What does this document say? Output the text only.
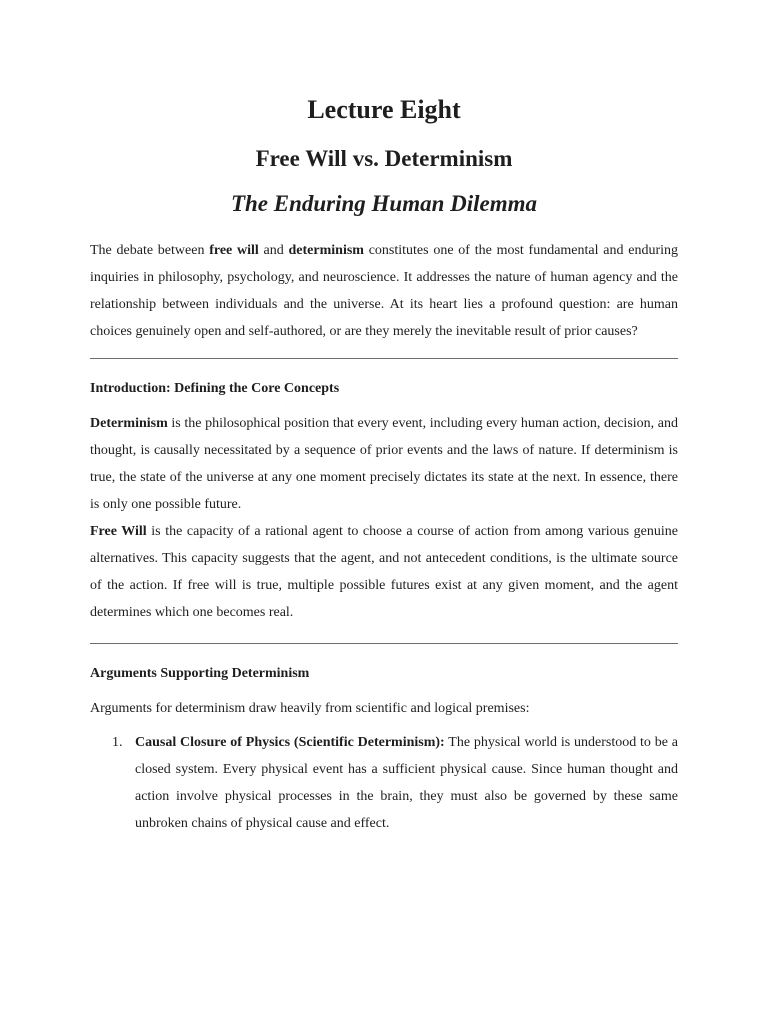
Lecture Eight
Free Will vs. Determinism
The Enduring Human Dilemma

The debate between free will and determinism constitutes one of the most fundamental and enduring inquiries in philosophy, psychology, and neuroscience. It addresses the nature of human agency and the relationship between individuals and the universe. At its heart lies a profound question: are human choices genuinely open and self-authored, or are they merely the inevitable result of prior causes?

Introduction: Defining the Core Concepts

Determinism is the philosophical position that every event, including every human action, decision, and thought, is causally necessitated by a sequence of prior events and the laws of nature. If determinism is true, the state of the universe at any one moment precisely dictates its state at the next. In essence, there is only one possible future.

Free Will is the capacity of a rational agent to choose a course of action from among various genuine alternatives. This capacity suggests that the agent, and not antecedent conditions, is the ultimate source of the action. If free will is true, multiple possible futures exist at any given moment, and the agent determines which one becomes real.

Arguments Supporting Determinism

Arguments for determinism draw heavily from scientific and logical premises:

1. Causal Closure of Physics (Scientific Determinism): The physical world is understood to be a closed system. Every physical event has a sufficient physical cause. Since human thought and action involve physical processes in the brain, they must also be governed by these same unbroken chains of physical cause and effect.
